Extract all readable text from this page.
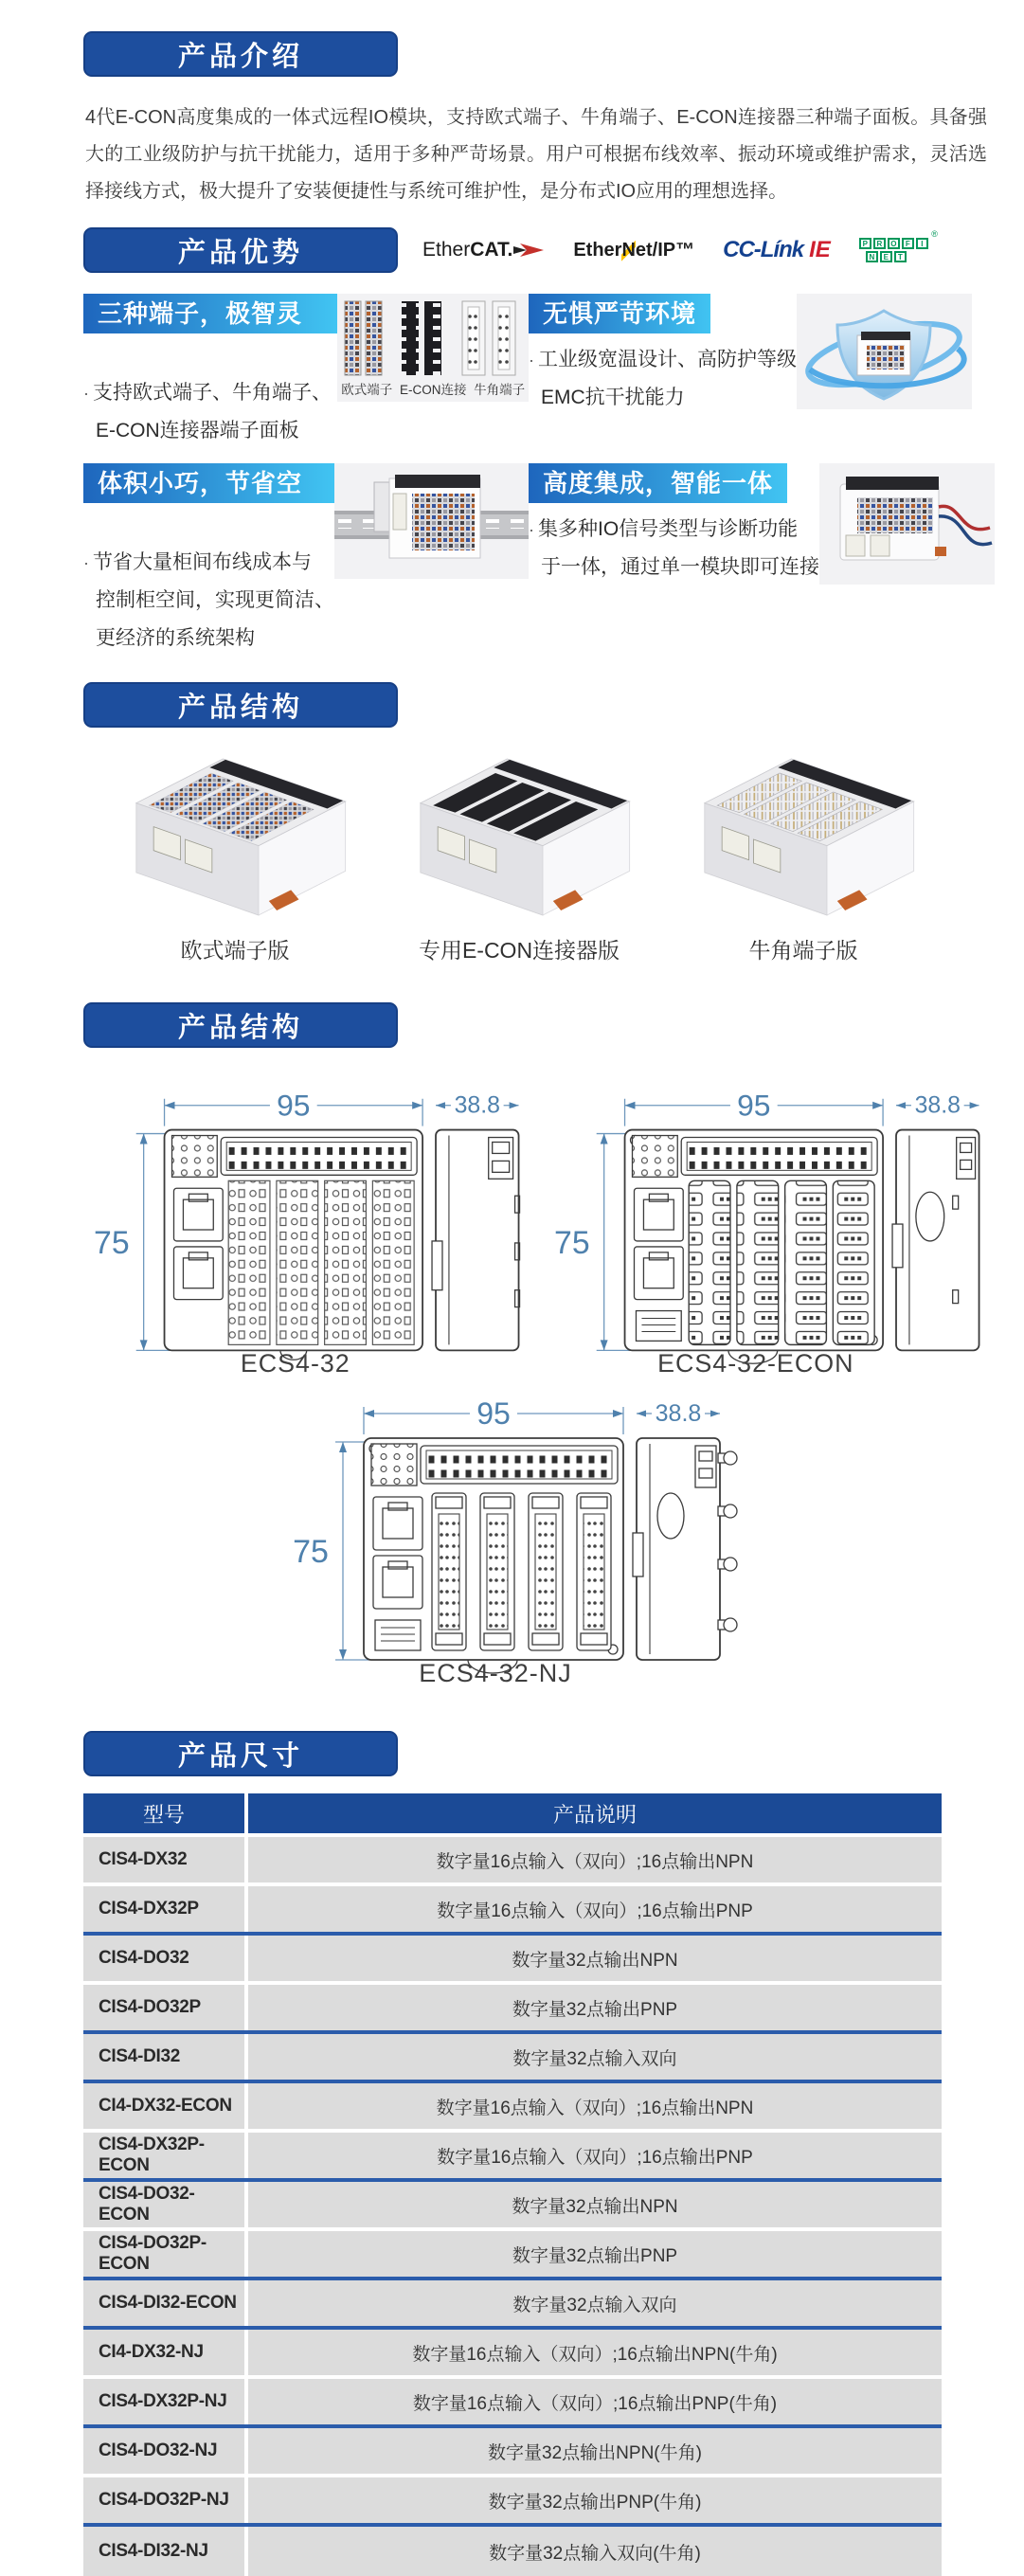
产品介绍

4代E-CON高度集成的一体式远程IO模块，支持欧式端子、牛角端子、E-CON连接器三种端子面板。具备强大的工业级防护与抗干扰能力，适用于多种严苛场景。用户可根据布线效率、振动环境或维护需求，灵活选择接线方式，极大提升了安装便捷性与系统可维护性，是分布式IO应用的理想选择。

产品优势	Ether CAT.	Ether N et/IP™ CC-Línk IE
®
P	R	O	F	I
N	E	T
三种端子，极智灵活
· 支持欧式端子、牛角端子、
E-CON连接器端子面板
欧式端子 E-CON连接 牛角端子
无惧严苛环境
· 工业级宽温设计、高防护等级
EMC抗干扰能力
体积小巧，节省空间
· 节省大量柜间布线成本与
控制柜空间，实现更简洁、
更经济的系统架构
高度集成，智能一体
· 集多种IO信号类型与诊断功能
于一体，通过单一模块即可连接
产品结构
欧式端子版	专用E-CON连接器版	牛角端子版
产品结构
95	38.8
75
ECS4-32
95	38.8
75
ECS4-32-ECON
95	38.8
75
ECS4-32-NJ
产品尺寸
型号	产品说明
CIS4-DX32	数字量16点输入（双向）;16点输出NPN
CIS4-DX32P	数字量16点输入（双向）;16点输出PNP
CIS4-DO32	数字量32点输出NPN
CIS4-DO32P	数字量32点输出PNP
CIS4-DI32	数字量32点输入双向
CI4-DX32-ECON	数字量16点输入（双向）;16点输出NPN
CIS4-DX32P-ECON	数字量16点输入（双向）;16点输出PNP
CIS4-DO32-ECON	数字量32点输出NPN
CIS4-DO32P-ECON	数字量32点输出PNP
CIS4-DI32-ECON	数字量32点输入双向
CI4-DX32-NJ	数字量16点输入（双向）;16点输出NPN(牛角)
CIS4-DX32P-NJ	数字量16点输入（双向）;16点输出PNP(牛角)
CIS4-DO32-NJ	数字量32点输出NPN(牛角)
CIS4-DO32P-NJ	数字量32点输出PNP(牛角)
CIS4-DI32-NJ	数字量32点输入双向(牛角)
